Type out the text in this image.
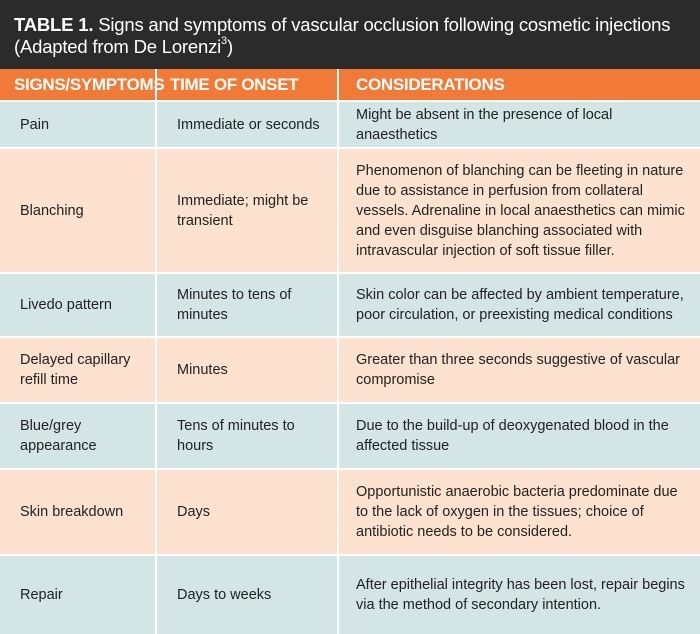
TABLE 1. Signs and symptoms of vascular occlusion following cosmetic injections (Adapted from De Lorenzi$^3$)
SIGNS/SYMPTOMS	TIME OF ONSET	CONSIDERATIONS
Pain	Immediate or seconds	Might be absent in the presence of local anaesthetics
Blanching	Immediate; might be transient	Phenomenon of blanching can be fleeting in nature due to assistance in perfusion from collateral vessels. Adrenaline in local anaesthetics can mimic and even disguise blanching associated with intravascular injection of soft tissue filler.
Livedo pattern	Minutes to tens of minutes	Skin color can be affected by ambient temperature, poor circulation, or preexisting medical conditions
Delayed capillary refill time	Minutes	Greater than three seconds suggestive of vascular compromise
Blue/grey appearance	Tens of minutes to hours	Due to the build-up of deoxygenated blood in the affected tissue
Skin breakdown	Days	Opportunistic anaerobic bacteria predominate due to the lack of oxygen in the tissues; choice of antibiotic needs to be considered.
Repair	Days to weeks	After epithelial integrity has been lost, repair begins via the method of secondary intention.
